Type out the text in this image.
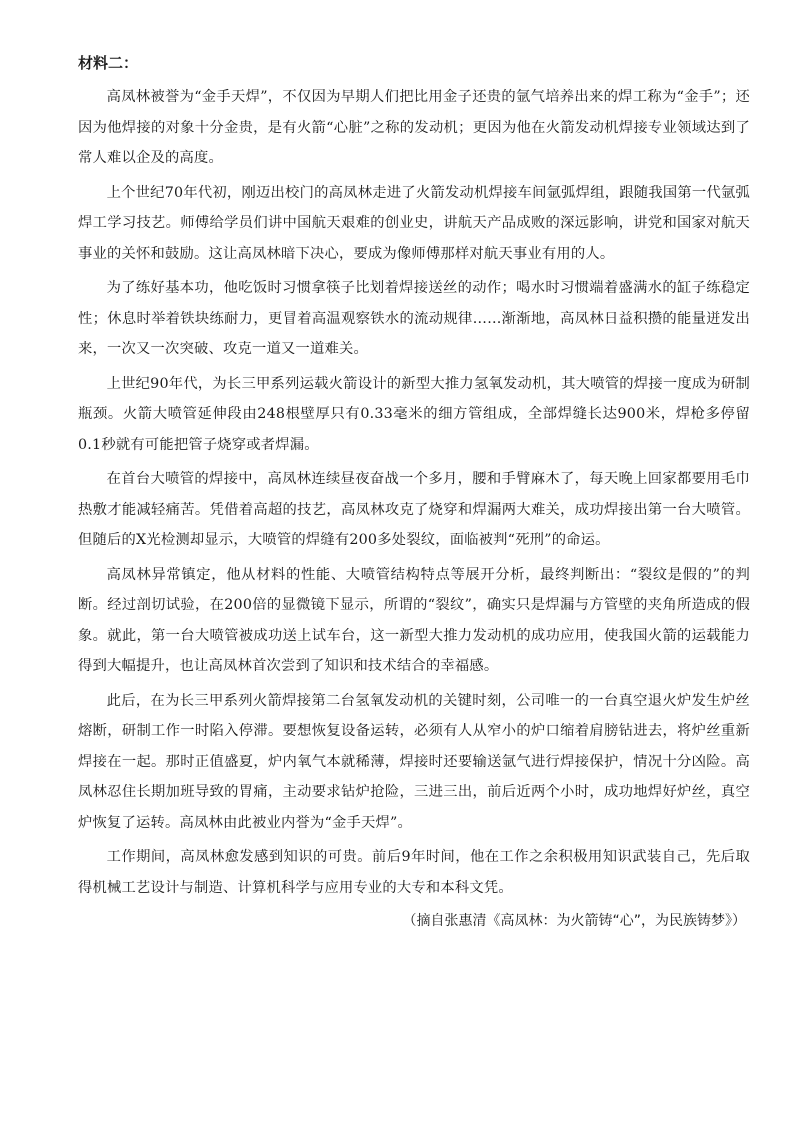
材料二：

高凤林被誉为“金手天焊”，不仅因为早期人们把比用金子还贵的氩气培养出来的焊工称为“金手”；还因为他焊接的对象十分金贵，是有火箭“心脏”之称的发动机；更因为他在火箭发动机焊接专业领域达到了常人难以企及的高度。

上个世纪70年代初，刚迈出校门的高凤林走进了火箭发动机焊接车间氩弧焊组，跟随我国第一代氩弧焊工学习技艺。师傅给学员们讲中国航天艰难的创业史，讲航天产品成败的深远影响，讲党和国家对航天事业的关怀和鼓励。这让高凤林暗下决心，要成为像师傅那样对航天事业有用的人。

为了练好基本功，他吃饭时习惯拿筷子比划着焊接送丝的动作；喝水时习惯端着盛满水的缸子练稳定性；休息时举着铁块练耐力，更冒着高温观察铁水的流动规律……渐渐地，高凤林日益积攒的能量迸发出来，一次又一次突破、攻克一道又一道难关。

上世纪90年代，为长三甲系列运载火箭设计的新型大推力氢氧发动机，其大喷管的焊接一度成为研制瓶颈。火箭大喷管延伸段由248根壁厚只有0.33毫米的细方管组成，全部焊缝长达900米，焊枪多停留0.1秒就有可能把管子烧穿或者焊漏。

在首台大喷管的焊接中，高凤林连续昼夜奋战一个多月，腰和手臂麻木了，每天晚上回家都要用毛巾热敷才能减轻痛苦。凭借着高超的技艺，高凤林攻克了烧穿和焊漏两大难关，成功焊接出第一台大喷管。但随后的X光检测却显示，大喷管的焊缝有200多处裂纹，面临被判“死刑”的命运。

高凤林异常镇定，他从材料的性能、大喷管结构特点等展开分析，最终判断出：“裂纹是假的”的判断。经过剖切试验，在200倍的显微镜下显示，所谓的“裂纹”，确实只是焊漏与方管壁的夹角所造成的假象。就此，第一台大喷管被成功送上试车台，这一新型大推力发动机的成功应用，使我国火箭的运载能力得到大幅提升，也让高凤林首次尝到了知识和技术结合的幸福感。

此后，在为长三甲系列火箭焊接第二台氢氧发动机的关键时刻，公司唯一的一台真空退火炉发生炉丝熔断，研制工作一时陷入停滞。要想恢复设备运转，必须有人从窄小的炉口缩着肩膀钻进去，将炉丝重新焊接在一起。那时正值盛夏，炉内氧气本就稀薄，焊接时还要输送氩气进行焊接保护，情况十分凶险。高凤林忍住长期加班导致的胃痛，主动要求钻炉抢险，三进三出，前后近两个小时，成功地焊好炉丝，真空炉恢复了运转。高凤林由此被业内誉为“金手天焊”。

工作期间，高凤林愈发感到知识的可贵。前后9年时间，他在工作之余积极用知识武装自己，先后取得机械工艺设计与制造、计算机科学与应用专业的大专和本科文凭。

（摘自张惠清《高凤林：为火箭铸“心”，为民族铸梦》）
